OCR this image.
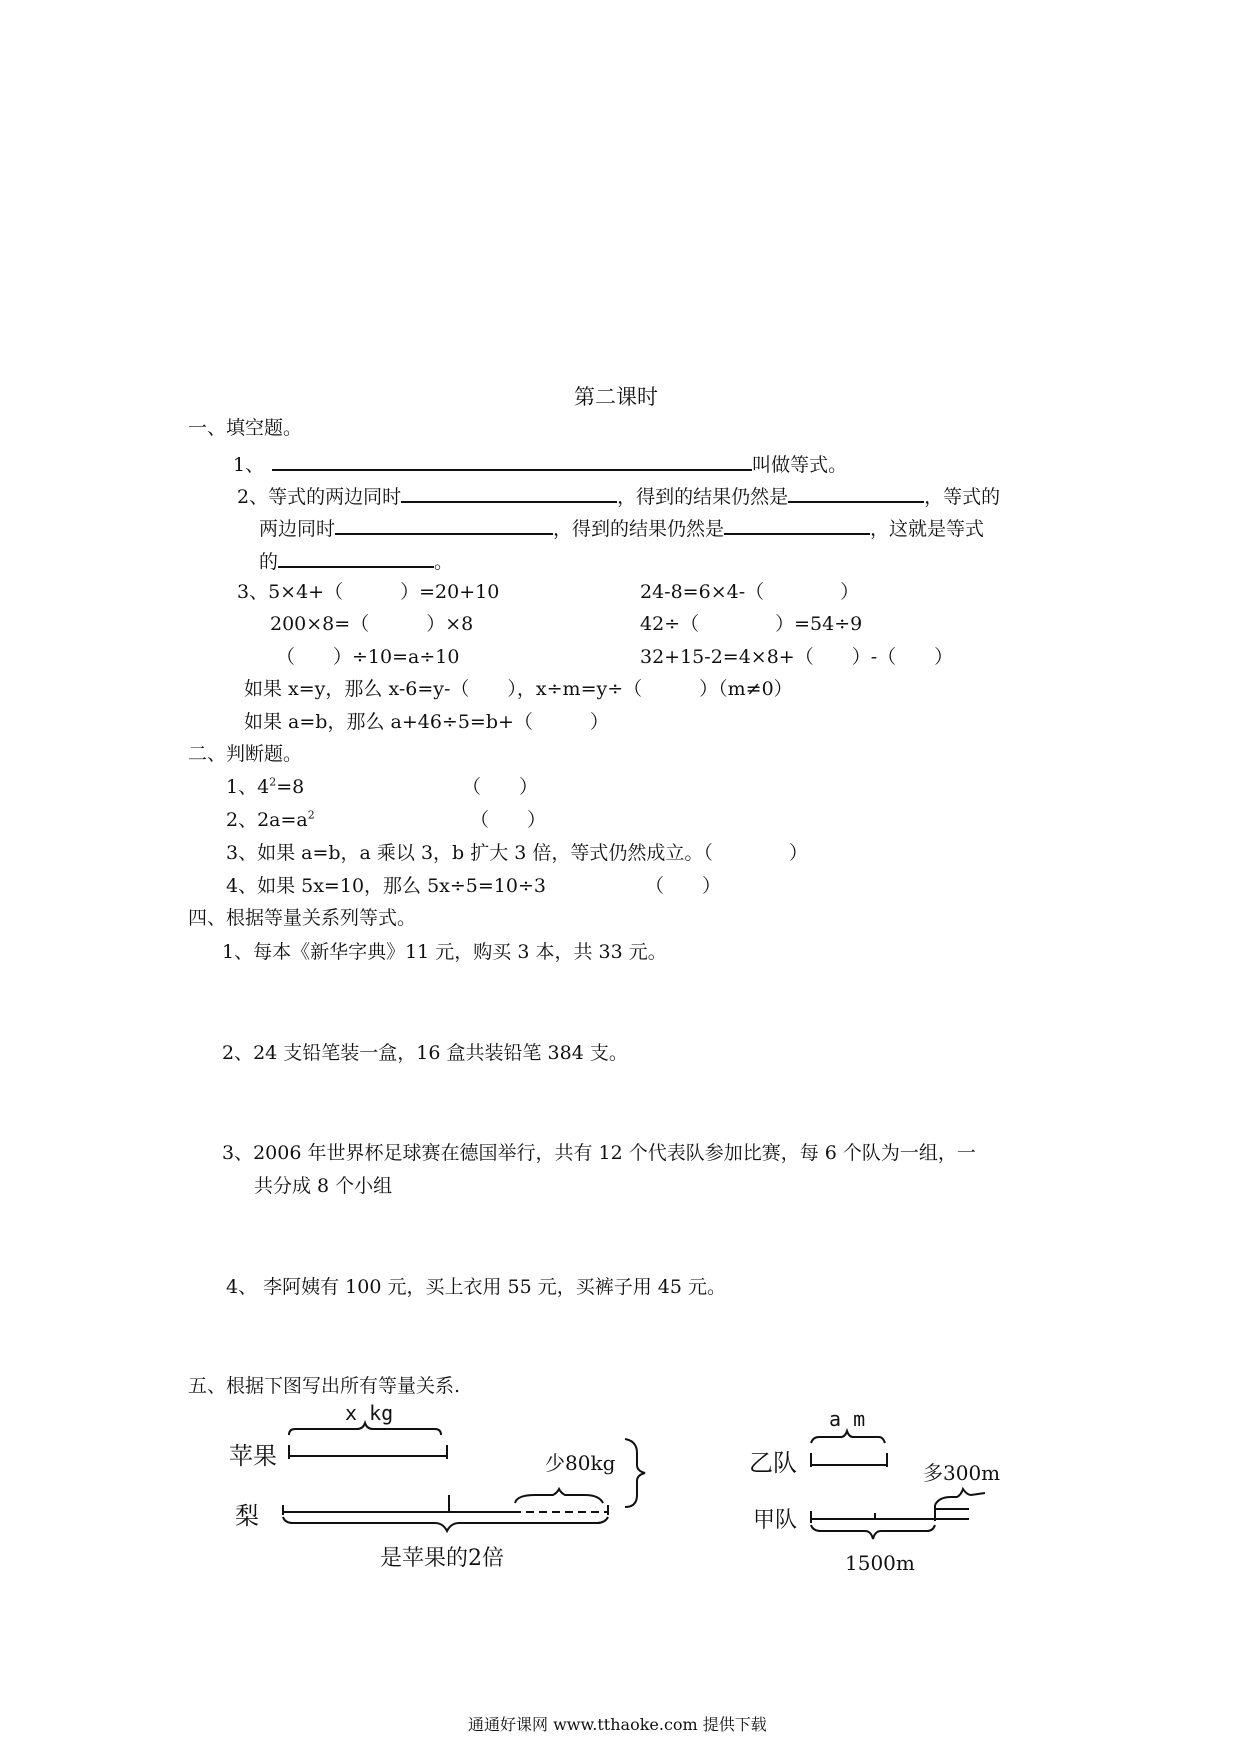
第二课时
一、填空题。
1、	叫做等式。
2、等式的两边同时	，得到的结果仍然是	，等式的
两边同时	，得到的结果仍然是	，这就是等式
的	。
3、5×4+（　　　）=20+10	24-8=6×4-（　　　　）
200×8=（　　　）×8	42÷（　　　　）=54÷9
（　　）÷10=a÷10	32+15-2=4×8+（　　）-（　　）
如果 x=y，那么 x-6=y-（　　），x÷m=y÷（　　　）（m≠0）
如果 a=b，那么 a+46÷5=b+（　　　）
二、判断题。
1、$4^2=8$	（　　）
2、$2a=a^2$	（　　）
3、如果 a=b，a 乘以 3，b 扩大 3 倍，等式仍然成立。（　　　　）
4、如果 5x=10，那么 5x÷5=10÷3	（　　）
四、根据等量关系列等式。
1、每本《新华字典》11 元，购买 3 本，共 33 元。
2、24 支铅笔装一盒，16 盒共装铅笔 384 支。
3、2006 年世界杯足球赛在德国举行，共有 12 个代表队参加比赛，每 6 个队为一组，一
共分成 8 个小组
4、 李阿姨有 100 元，买上衣用 55 元，买裤子用 45 元。
五、根据下图写出所有等量关系.
x kg
苹果
梨
少80kg
是苹果的2倍
a m
乙队
甲队
多300m
1500m
通通好课网 www.tthaoke.com 提供下载
